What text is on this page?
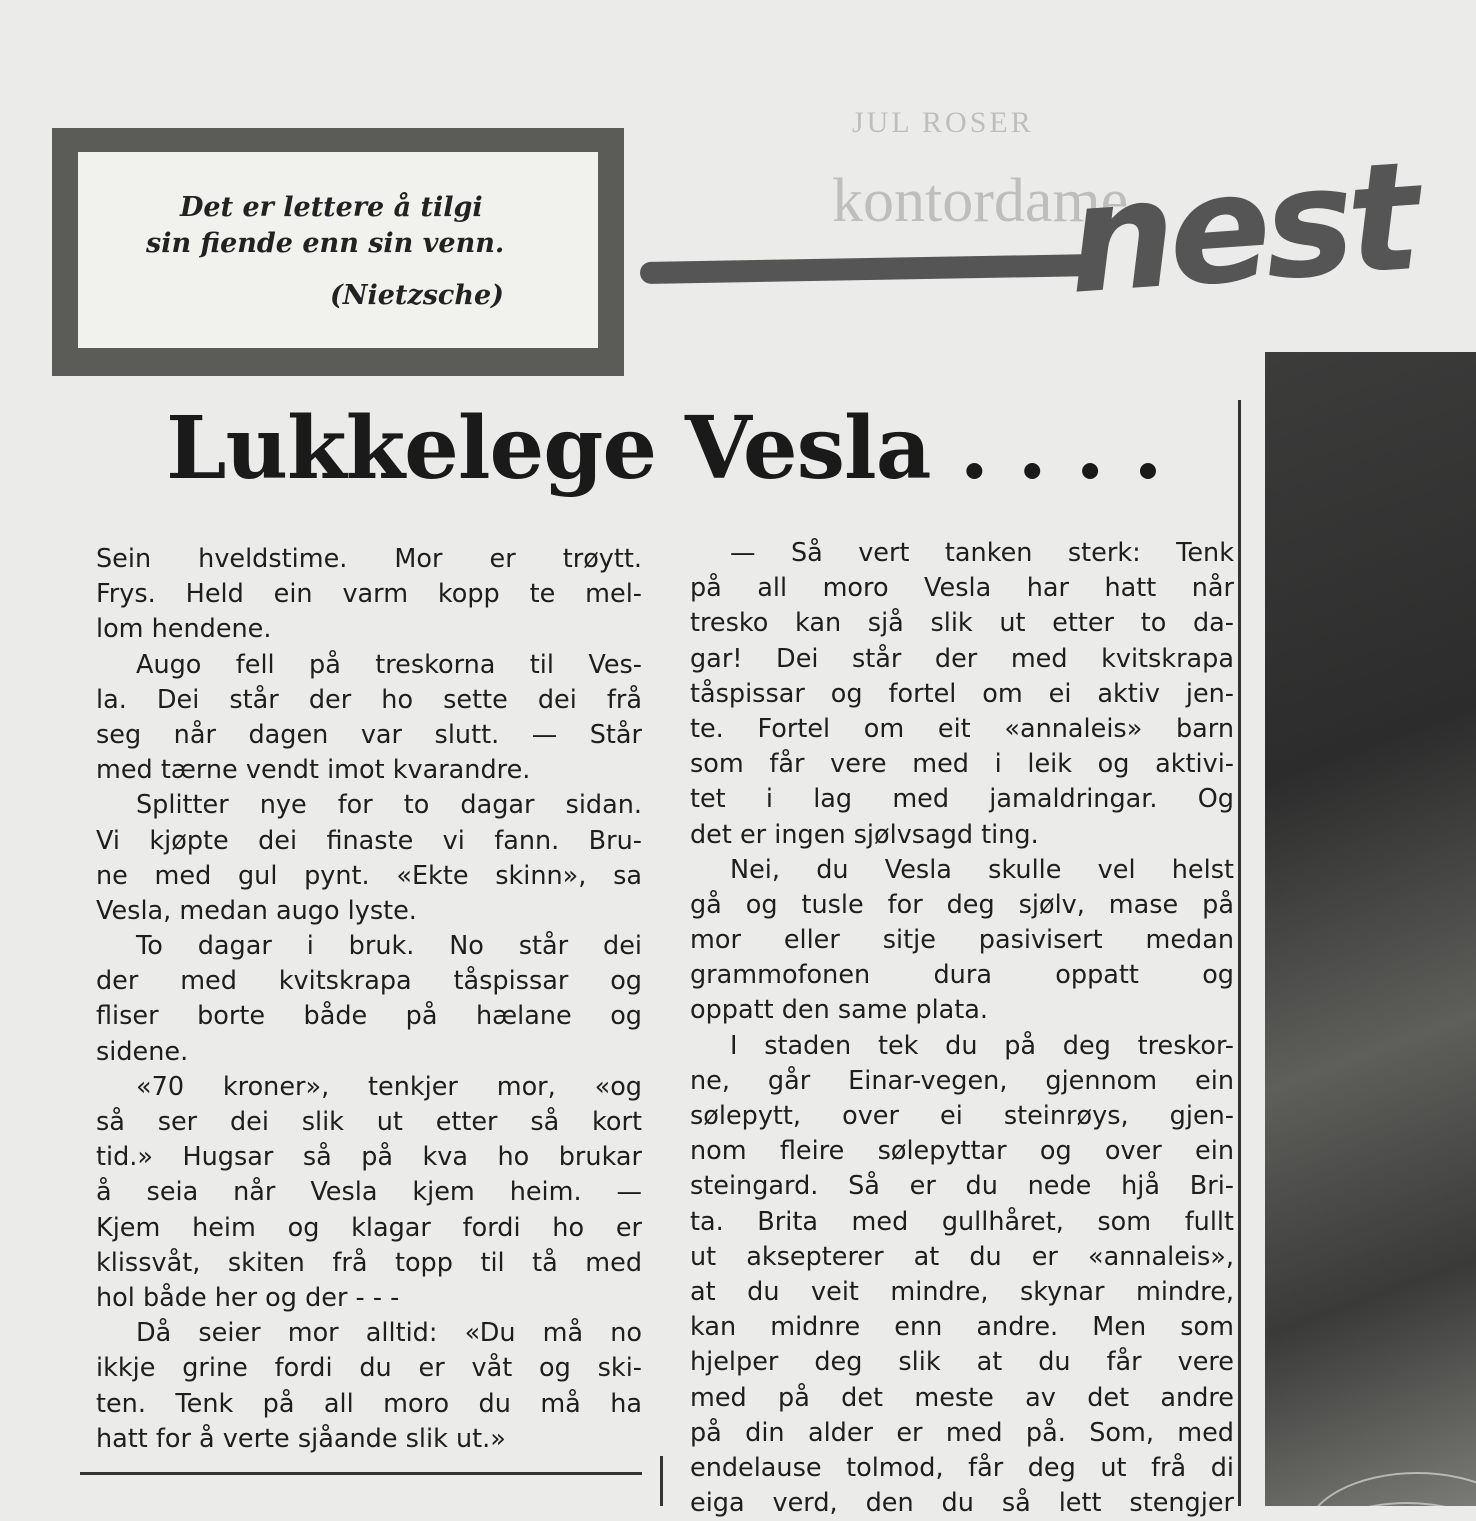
JUL ROSER
kontordame
Det er lettere å tilgi
sin fiende enn sin venn.
(Nietzsche)	nest
Lukkelege Vesla . . . .
Sein hveldstime. Mor er trøytt.
Frys. Held ein varm kopp te mel-
lom hendene.
Augo fell på treskorna til Ves-
la. Dei står der ho sette dei frå
seg når dagen var slutt. — Står
med tærne vendt imot kvarandre.
Splitter nye for to dagar sidan.
Vi kjøpte dei finaste vi fann. Bru-
ne med gul pynt. «Ekte skinn», sa
Vesla, medan augo lyste.
To dagar i bruk. No står dei
der med kvitskrapa tåspissar og
fliser borte både på hælane og
sidene.
«70 kroner», tenkjer mor, «og
så ser dei slik ut etter så kort
tid.» Hugsar så på kva ho brukar
å seia når Vesla kjem heim. —
Kjem heim og klagar fordi ho er
klissvåt, skiten frå topp til tå med
hol både her og der - - -
Då seier mor alltid: «Du må no
ikkje grine fordi du er våt og ski-
ten. Tenk på all moro du må ha
hatt for å verte sjåande slik ut.»
— Så vert tanken sterk: Tenk
på all moro Vesla har hatt når
tresko kan sjå slik ut etter to da-
gar! Dei står der med kvitskrapa
tåspissar og fortel om ei aktiv jen-
te. Fortel om eit «annaleis» barn
som får vere med i leik og aktivi-
tet i lag med jamaldringar. Og
det er ingen sjølvsagd ting.
Nei, du Vesla skulle vel helst
gå og tusle for deg sjølv, mase på
mor eller sitje pasivisert medan
grammofonen dura oppatt og
oppatt den same plata.
I staden tek du på deg treskor-
ne, går Einar-vegen, gjennom ein
sølepytt, over ei steinrøys, gjen-
nom fleire sølepyttar og over ein
steingard. Så er du nede hjå Bri-
ta. Brita med gullhåret, som fullt
ut aksepterer at du er «annaleis»,
at du veit mindre, skynar mindre,
kan midnre enn andre. Men som
hjelper deg slik at du får vere
med på det meste av det andre
på din alder er med på. Som, med
endelause tolmod, får deg ut frå di
eiga verd, den du så lett stengjer
